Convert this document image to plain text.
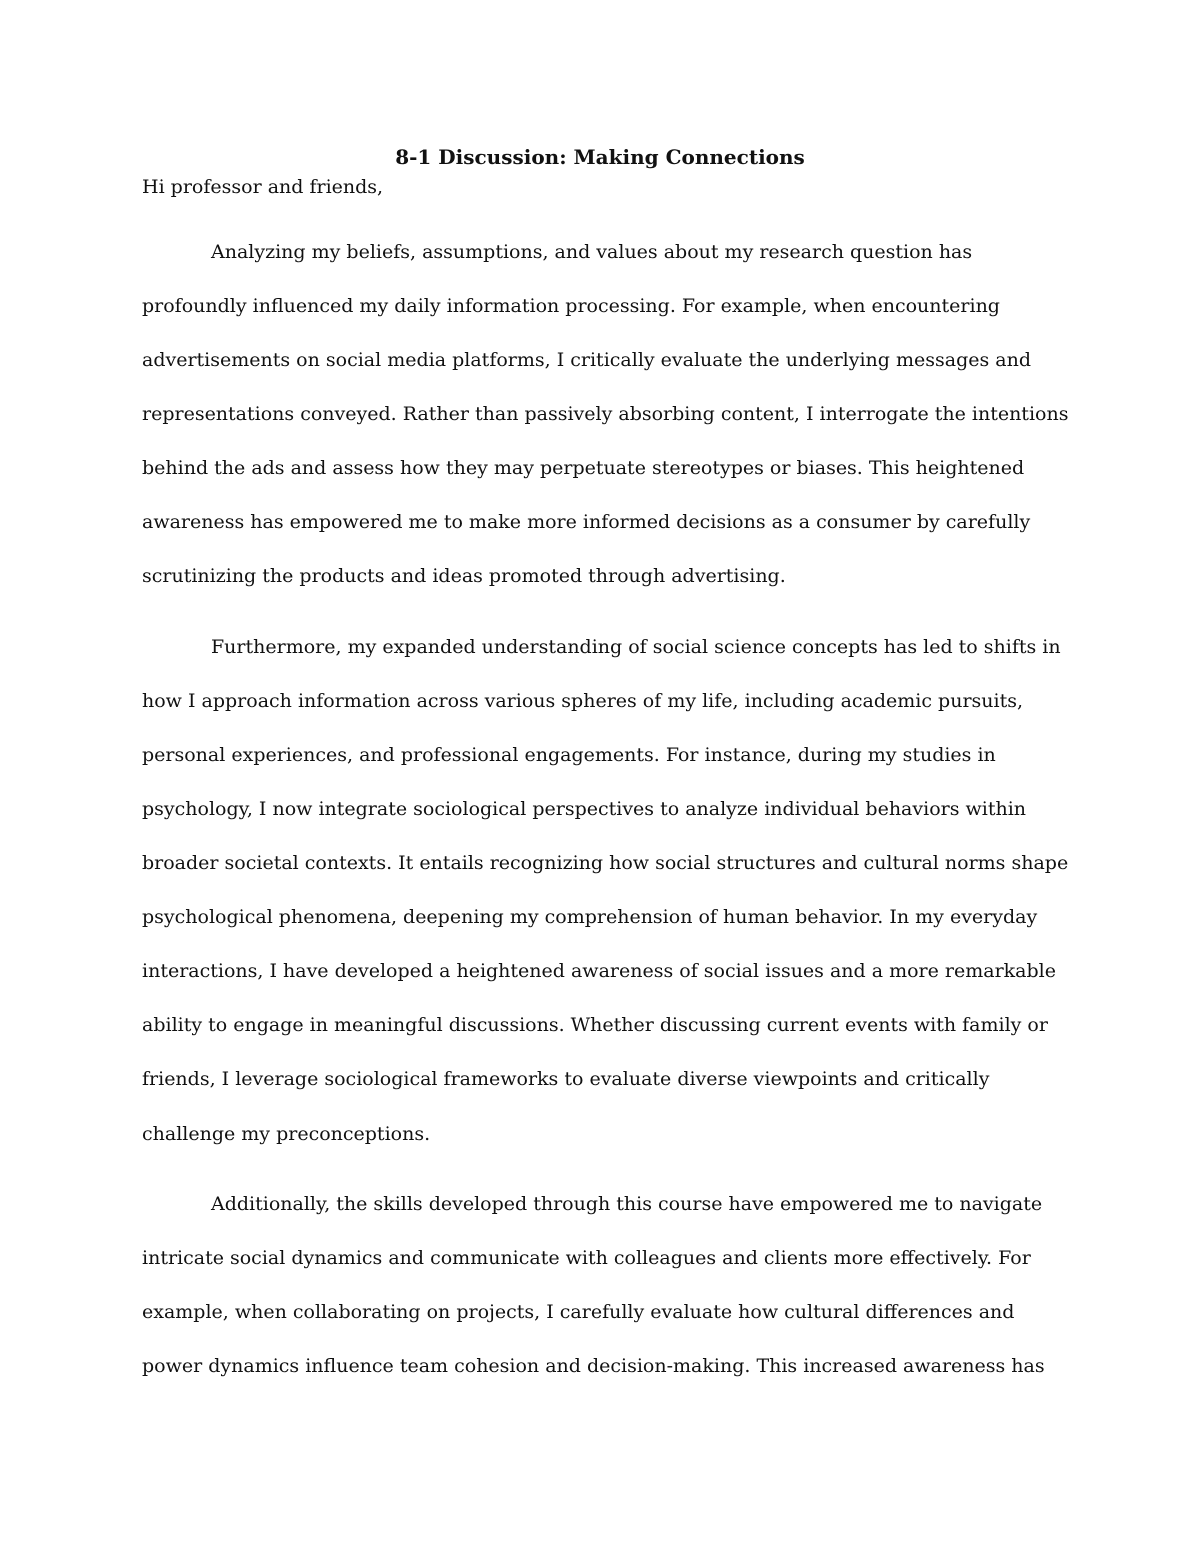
8-1 Discussion: Making Connections

Hi professor and friends,

Analyzing my beliefs, assumptions, and values about my research question has

profoundly influenced my daily information processing. For example, when encountering

advertisements on social media platforms, I critically evaluate the underlying messages and

representations conveyed. Rather than passively absorbing content, I interrogate the intentions

behind the ads and assess how they may perpetuate stereotypes or biases. This heightened

awareness has empowered me to make more informed decisions as a consumer by carefully

scrutinizing the products and ideas promoted through advertising.

Furthermore, my expanded understanding of social science concepts has led to shifts in

how I approach information across various spheres of my life, including academic pursuits,

personal experiences, and professional engagements. For instance, during my studies in

psychology, I now integrate sociological perspectives to analyze individual behaviors within

broader societal contexts. It entails recognizing how social structures and cultural norms shape

psychological phenomena, deepening my comprehension of human behavior. In my everyday

interactions, I have developed a heightened awareness of social issues and a more remarkable

ability to engage in meaningful discussions. Whether discussing current events with family or

friends, I leverage sociological frameworks to evaluate diverse viewpoints and critically

challenge my preconceptions.

Additionally, the skills developed through this course have empowered me to navigate

intricate social dynamics and communicate with colleagues and clients more effectively. For

example, when collaborating on projects, I carefully evaluate how cultural differences and

power dynamics influence team cohesion and decision-making. This increased awareness has
